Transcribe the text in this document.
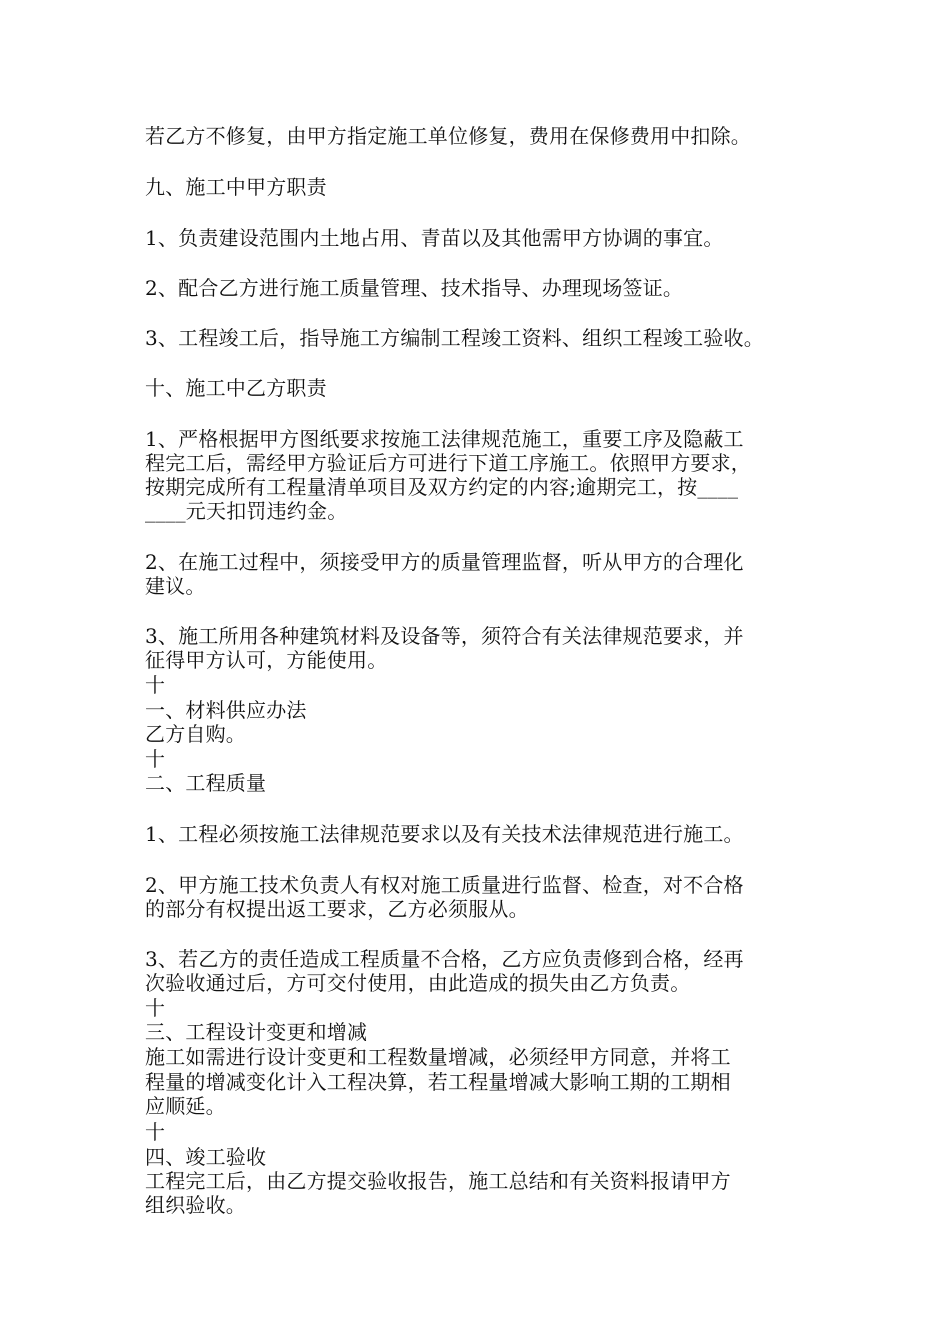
若乙方不修复，由甲方指定施工单位修复，费用在保修费用中扣除。
九、施工中甲方职责
1、负责建设范围内土地占用、青苗以及其他需甲方协调的事宜。
2、配合乙方进行施工质量管理、技术指导、办理现场签证。
3、工程竣工后，指导施工方编制工程竣工资料、组织工程竣工验收。
十、施工中乙方职责
1、严格根据甲方图纸要求按施工法律规范施工，重要工序及隐蔽工
程完工后，需经甲方验证后方可进行下道工序施工。依照甲方要求，
按期完成所有工程量清单项目及双方约定的内容;逾期完工，按____
____元天扣罚违约金。
2、在施工过程中，须接受甲方的质量管理监督，听从甲方的合理化
建议。
3、施工所用各种建筑材料及设备等，须符合有关法律规范要求，并
征得甲方认可，方能使用。
十
一、材料供应办法
乙方自购。
十
二、工程质量
1、工程必须按施工法律规范要求以及有关技术法律规范进行施工。
2、甲方施工技术负责人有权对施工质量进行监督、检查，对不合格
的部分有权提出返工要求，乙方必须服从。
3、若乙方的责任造成工程质量不合格，乙方应负责修到合格，经再
次验收通过后，方可交付使用，由此造成的损失由乙方负责。
十
三、工程设计变更和增减
施工如需进行设计变更和工程数量增减，必须经甲方同意，并将工
程量的增减变化计入工程决算，若工程量增减大影响工期的工期相
应顺延。
十
四、竣工验收
工程完工后，由乙方提交验收报告，施工总结和有关资料报请甲方
组织验收。
